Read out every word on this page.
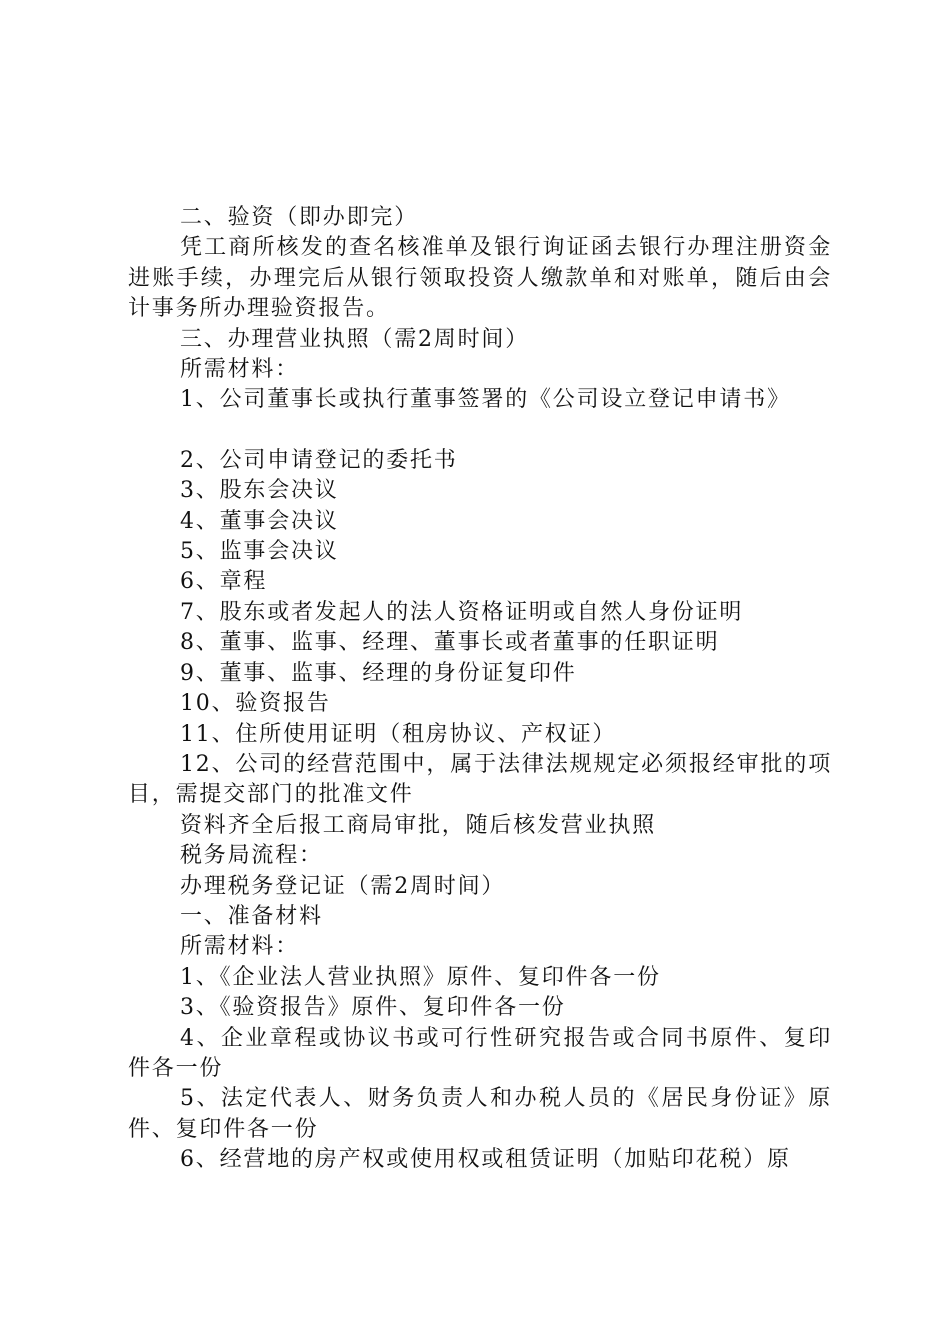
二、验资（即办即完）

凭工商所核发的查名核准单及银行询证函去银行办理注册资金进账手续，办理完后从银行领取投资人缴款单和对账单，随后由会计事务所办理验资报告。

三、办理营业执照（需2周时间）

所需材料：

1、公司董事长或执行董事签署的《公司设立登记申请书》

2、公司申请登记的委托书

3、股东会决议

4、董事会决议

5、监事会决议

6、章程

7、股东或者发起人的法人资格证明或自然人身份证明

8、董事、监事、经理、董事长或者董事的任职证明

9、董事、监事、经理的身份证复印件

10、验资报告

11、住所使用证明（租房协议、产权证）

12、公司的经营范围中，属于法律法规规定必须报经审批的项目，需提交部门的批准文件

资料齐全后报工商局审批，随后核发营业执照

税务局流程：

办理税务登记证（需2周时间）

一、准备材料

所需材料：

1、《企业法人营业执照》原件、复印件各一份

3、《验资报告》原件、复印件各一份

4、企业章程或协议书或可行性研究报告或合同书原件、复印件各一份

5、法定代表人、财务负责人和办税人员的《居民身份证》原件、复印件各一份

6、经营地的房产权或使用权或租赁证明（加贴印花税）原
